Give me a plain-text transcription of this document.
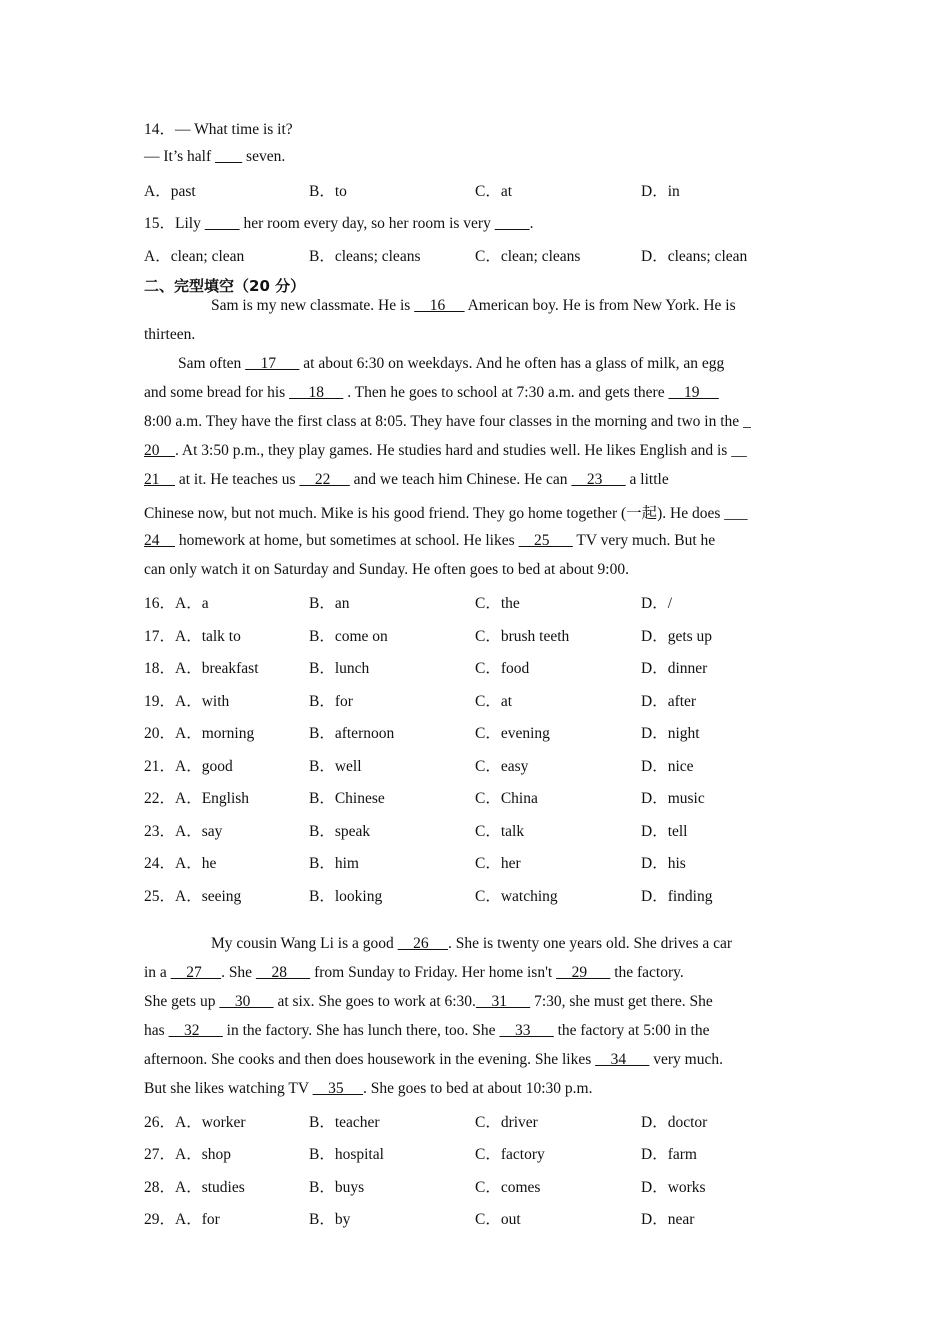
14．— What time is it?
— It’s half         seven.
A．past	B．to	C．at	D．in
15．Lily           her room every day, so her room is very          .
A．clean; clean	B．cleans; cleans	C．clean; cleans	D．cleans; clean
二、完型填空（20 分）
Sam is my new classmate. He is     16      American boy. He is from New York. He is
thirteen.
Sam often     17       at about 6:30 on weekdays. And he often has a glass of milk, an egg
and some bread for his      18      . Then he goes to school at 7:30 a.m. and gets there     19
8:00 a.m. They have the first class at 8:05. They have four classes in the morning and two in the _
20    . At 3:50 p.m., they play games. He studies hard and studies well. He likes English and is __
21     at it. He teaches us     22      and we teach him Chinese. He can     23       a little
Chinese now, but not much. Mike is his good friend. They go home together (一起). He does ___
24     homework at home, but sometimes at school. He likes     25       TV very much. But he
can only watch it on Saturday and Sunday. He often goes to bed at about 9:00.
16．A．a	B．an	C．the	D．/
17．A．talk to	B．come on	C．brush teeth	D．gets up
18．A．breakfast	B．lunch	C．food	D．dinner
19．A．with	B．for	C．at	D．after
20．A．morning	B．afternoon	C．evening	D．night
21．A．good	B．well	C．easy	D．nice
22．A．English	B．Chinese	C．China	D．music
23．A．say	B．speak	C．talk	D．tell
24．A．he	B．him	C．her	D．his
25．A．seeing	B．looking	C．watching	D．finding
My cousin Wang Li is a good     26     . She is twenty one years old. She drives a car
in a     27     . She     28       from Sunday to Friday. Her home isn't     29       the factory.
She gets up     30       at six. She goes to work at 6:30.    31       7:30, she must get there. She
has     32       in the factory. She has lunch there, too. She     33       the factory at 5:00 in the
afternoon. She cooks and then does housework in the evening. She likes     34       very much.
But she likes watching TV     35     . She goes to bed at about 10:30 p.m.
26．A．worker	B．teacher	C．driver	D．doctor
27．A．shop	B．hospital	C．factory	D．farm
28．A．studies	B．buys	C．comes	D．works
29．A．for	B．by	C．out	D．near
